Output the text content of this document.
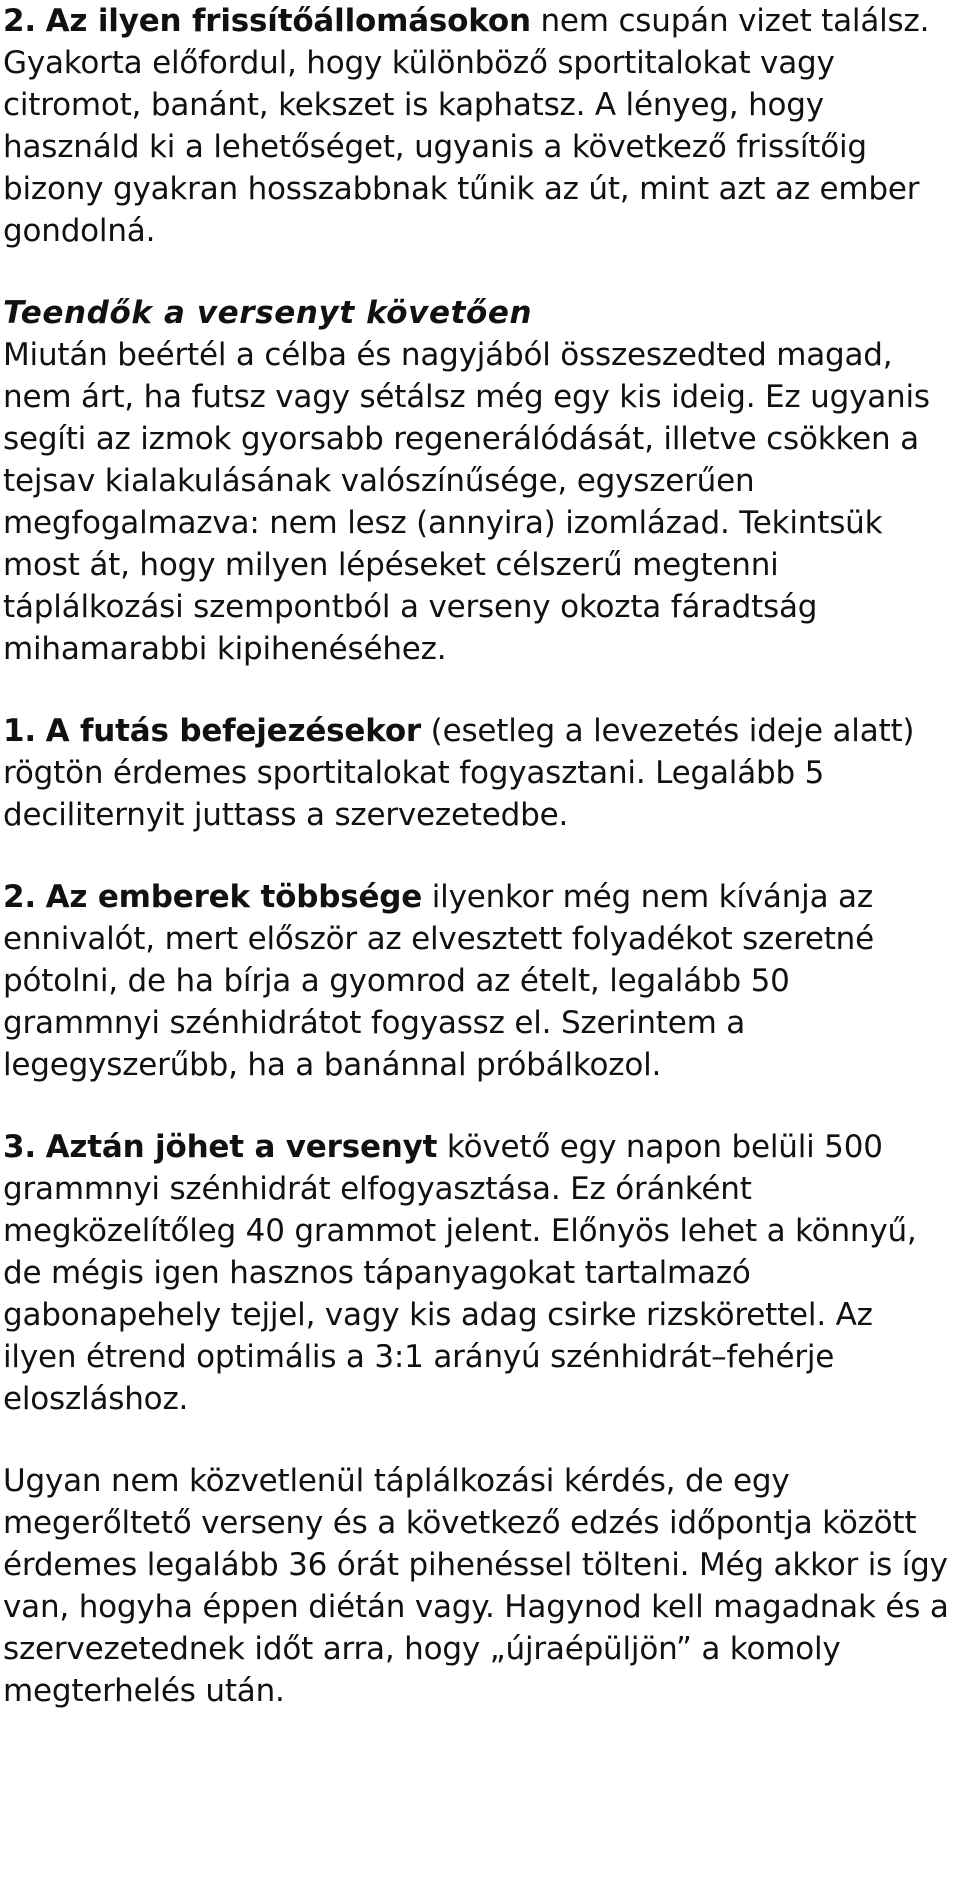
2. Az ilyen frissítőállomásokon nem csupán vizet találsz. Gyakorta előfordul, hogy különböző sportitalokat vagy citromot, banánt, kekszet is kaphatsz. A lényeg, hogy használd ki a lehetőséget, ugyanis a következő frissítőig bizony gyakran hosszabbnak tűnik az út, mint azt az ember gondolná.

Teendők a versenyt követően

Miután beértél a célba és nagyjából összeszedted magad, nem árt, ha futsz vagy sétálsz még egy kis ideig. Ez ugyanis segíti az izmok gyorsabb regenerálódását, illetve csökken a tejsav kialakulásának valószínűsége, egyszerűen megfogalmazva: nem lesz (annyira) izomlázad. Tekintsük most át, hogy milyen lépéseket célszerű megtenni táplálkozási szempontból a verseny okozta fáradtság mihamarabbi kipihenéséhez.

1. A futás befejezésekor (esetleg a levezetés ideje alatt) rögtön érdemes sportitalokat fogyasztani. Legalább 5 deciliternyit juttass a szervezetedbe.

2. Az emberek többsége ilyenkor még nem kívánja az ennivalót, mert először az elvesztett folyadékot szeretné pótolni, de ha bírja a gyomrod az ételt, legalább 50 grammnyi szénhidrátot fogyassz el. Szerintem a legegyszerűbb, ha a banánnal próbálkozol.

3. Aztán jöhet a versenyt követő egy napon belüli 500 grammnyi szénhidrát elfogyasztása. Ez óránként megközelítőleg 40 grammot jelent. Előnyös lehet a könnyű, de mégis igen hasznos tápanyagokat tartalmazó gabonapehely tejjel, vagy kis adag csirke rizskörettel. Az ilyen étrend optimális a 3:1 arányú szénhidrát–fehérje eloszláshoz.

Ugyan nem közvetlenül táplálkozási kérdés, de egy megerőltető verseny és a következő edzés időpontja között érdemes legalább 36 órát pihenéssel tölteni. Még akkor is így van, hogyha éppen diétán vagy. Hagynod kell magadnak és a szervezetednek időt arra, hogy „újraépüljön” a komoly megterhelés után.
